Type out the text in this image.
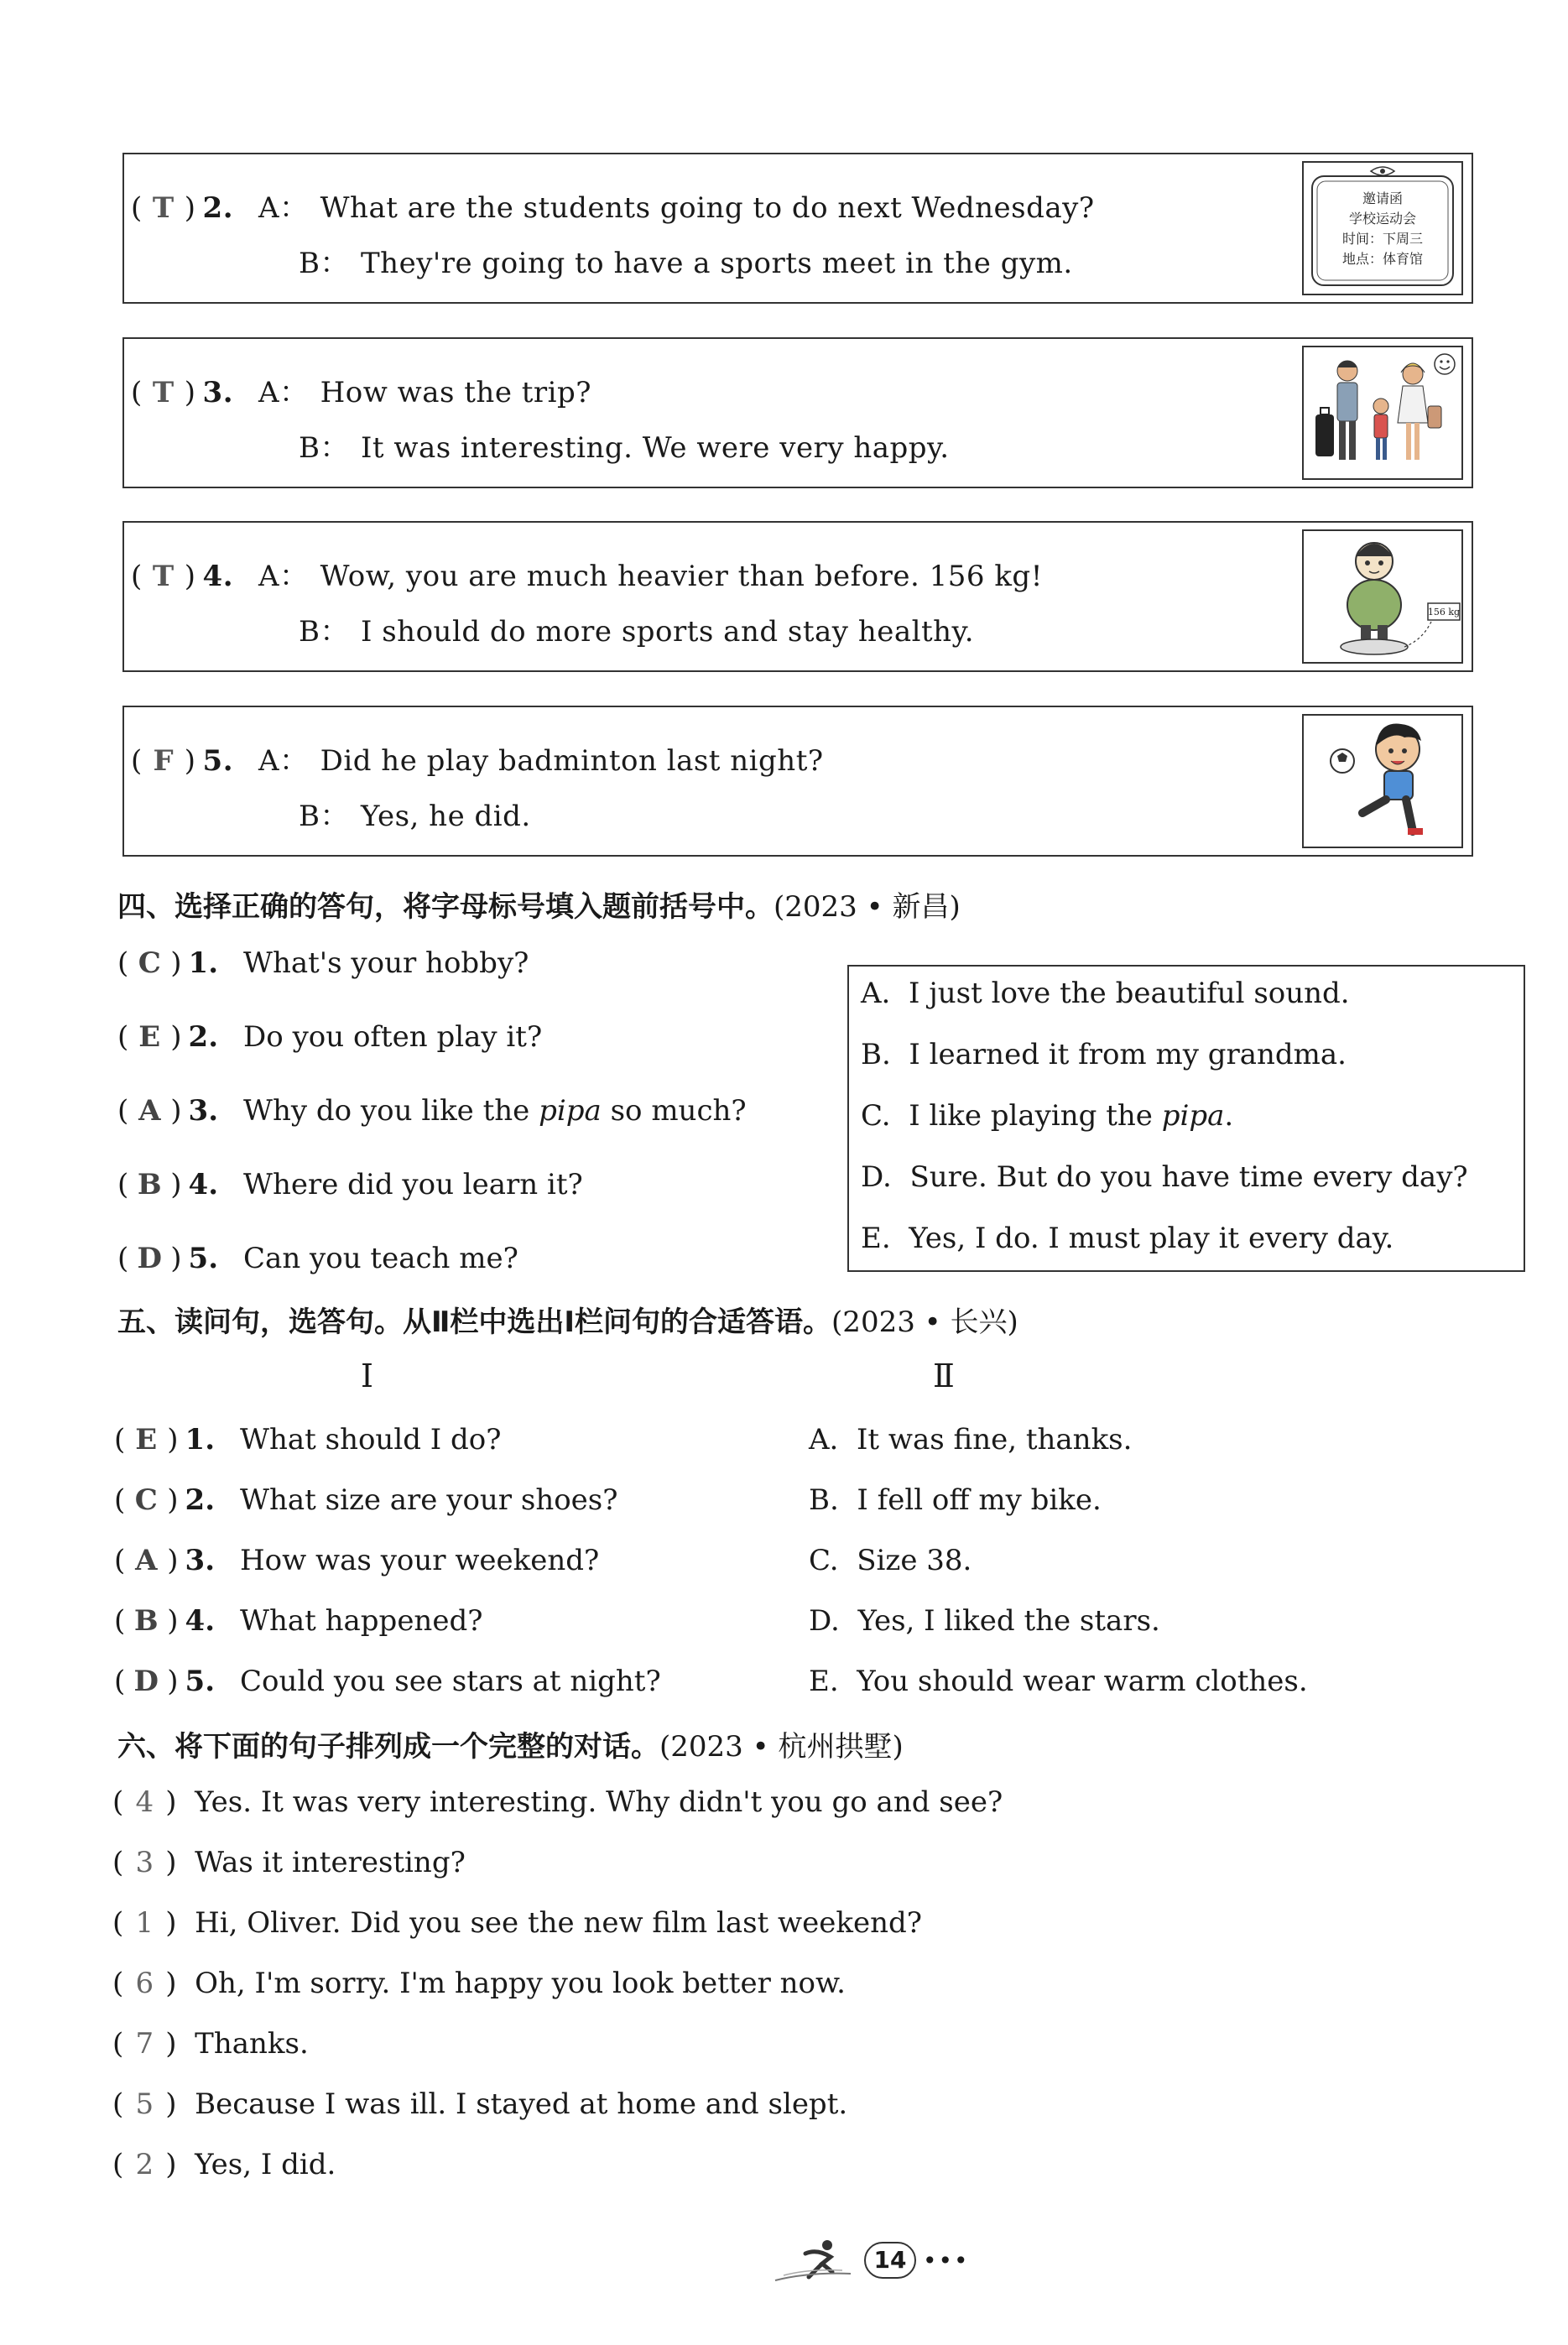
( T ) 2. A： What are the students going to do next Wednesday?
B： They're going to have a sports meet in the gym.
邀请函
学校运动会
时间：下周三
地点：体育馆
( T ) 3. A： How was the trip?
B： It was interesting. We were very happy.
( T ) 4. A： Wow, you are much heavier than before. 156 kg!
B： I should do more sports and stay healthy.
156 kg
( F ) 5. A： Did he play badminton last night?
B： Yes, he did.
四、选择正确的答句，将字母标号填入题前括号中。(2023 • 新昌)
( C ) 1. What's your hobby?
( E ) 2. Do you often play it?
( A ) 3. Why do you like the pipa so much?
( B ) 4. Where did you learn it?
( D ) 5. Can you teach me?
A. I just love the beautiful sound.
B. I learned it from my grandma.
C. I like playing the pipa.
D. Sure. But do you have time every day?
E. Yes, I do. I must play it every day.
五、读问句，选答句。从Ⅱ栏中选出Ⅰ栏问句的合适答语。(2023 • 长兴)
Ⅰ	Ⅱ
( E ) 1. What should I do?
( C ) 2. What size are your shoes?
( A ) 3. How was your weekend?
( B ) 4. What happened?
( D ) 5. Could you see stars at night?
A. It was fine, thanks.
B. I fell off my bike.
C. Size 38.
D. Yes, I liked the stars.
E. You should wear warm clothes.
六、将下面的句子排列成一个完整的对话。(2023 • 杭州拱墅)
( 4 ) Yes. It was very interesting. Why didn't you go and see?
( 3 ) Was it interesting?
( 1 ) Hi, Oliver. Did you see the new film last weekend?
( 6 ) Oh, I'm sorry. I'm happy you look better now.
( 7 ) Thanks.
( 5 ) Because I was ill. I stayed at home and slept.
( 2 ) Yes, I did.
14 •••
